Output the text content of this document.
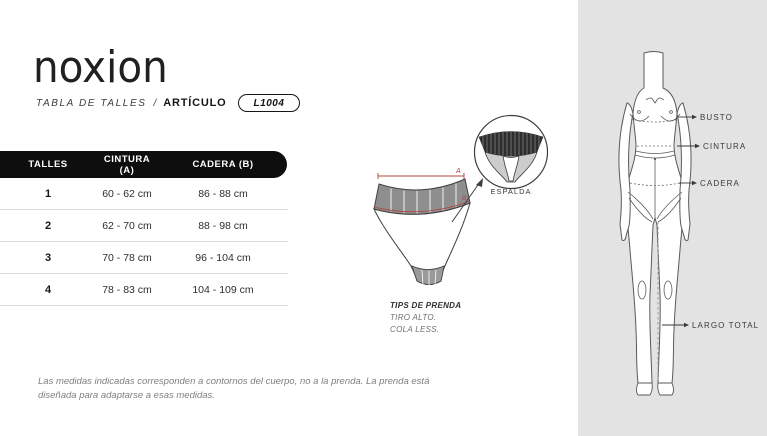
noxion
TABLA DE TALLES / ARTÍCULO	L1004
TALLES	CINTURA (A)	CADERA (B)
1	60 - 62 cm	86 - 88 cm
2	62 - 70 cm	88 - 98 cm
3	70 - 78 cm	96 - 104 cm
4	78 - 83 cm	104 - 109 cm
A
B
ESPALDA
TIPS DE PRENDA
TIRO ALTO.
COLA LESS.
BUSTO
CINTURA
CADERA
LARGO TOTAL
Las medidas indicadas corresponden a contornos del cuerpo, no a la prenda. La prenda está diseñada para adaptarse a esas medidas.
